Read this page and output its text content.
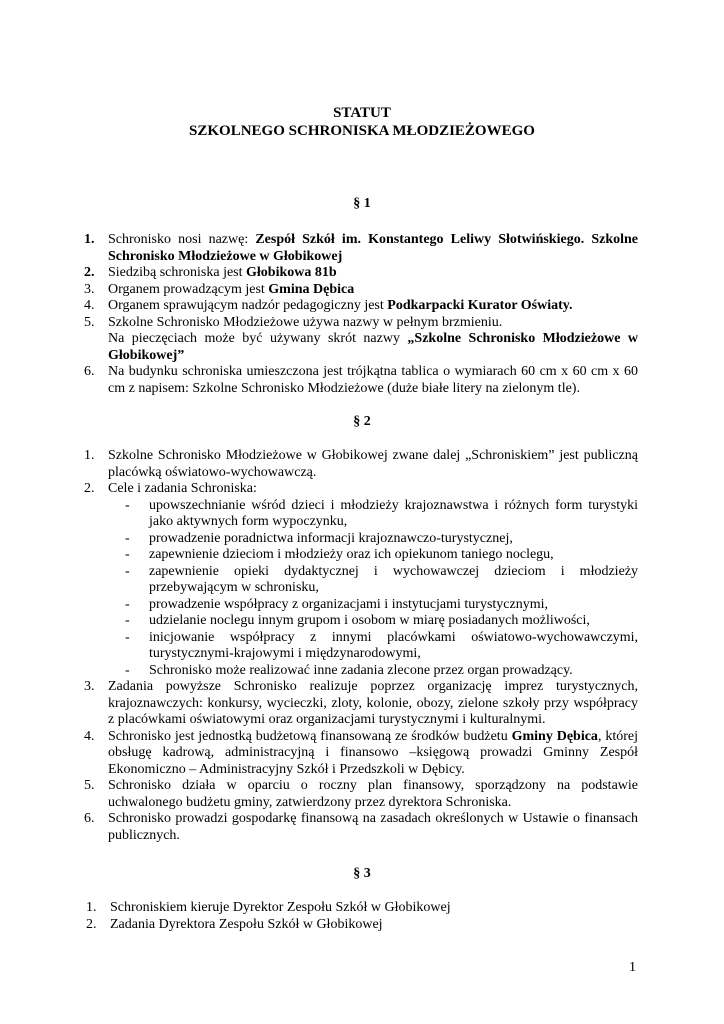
STATUT
SZKOLNEGO SCHRONISKA MŁODZIEŻOWEGO
§ 1
1. Schronisko nosi nazwę: Zespół Szkół im. Konstantego Leliwy Słotwińskiego. Szkolne Schronisko Młodzieżowe w Głobikowej
2. Siedzibą schroniska jest Głobikowa 81b
3. Organem prowadzącym jest Gmina Dębica
4. Organem sprawującym nadzór pedagogiczny jest Podkarpacki Kurator Oświaty.
5. Szkolne Schronisko Młodzieżowe używa nazwy w pełnym brzmieniu.
Na pieczęciach może być używany skrót nazwy „Szkolne Schronisko Młodzieżowe w Głobikowej”
6. Na budynku schroniska umieszczona jest trójkątna tablica o wymiarach 60 cm x 60 cm x 60 cm z napisem: Szkolne Schronisko Młodzieżowe (duże białe litery na zielonym tle).
§ 2
1. Szkolne Schronisko Młodzieżowe w Głobikowej zwane dalej „Schroniskiem” jest publiczną placówką oświatowo-wychowawczą.
2. Cele i zadania Schroniska:
- upowszechnianie wśród dzieci i młodzieży krajoznawstwa i różnych form turystyki jako aktywnych form wypoczynku,
- prowadzenie poradnictwa informacji krajoznawczo-turystycznej,
- zapewnienie dzieciom i młodzieży oraz ich opiekunom taniego noclegu,
- zapewnienie opieki dydaktycznej i wychowawczej dzieciom i młodzieży przebywającym w schronisku,
- prowadzenie współpracy z organizacjami i instytucjami turystycznymi,
- udzielanie noclegu innym grupom i osobom w miarę posiadanych możliwości,
- inicjowanie współpracy z innymi placówkami oświatowo-wychowawczymi, turystycznymi-krajowymi i międzynarodowymi,
- Schronisko może realizować inne zadania zlecone przez organ prowadzący.
3. Zadania powyższe Schronisko realizuje poprzez organizację imprez turystycznych, krajoznawczych: konkursy, wycieczki, zloty, kolonie, obozy, zielone szkoły przy współpracy z placówkami oświatowymi oraz organizacjami turystycznymi i kulturalnymi.
4. Schronisko jest jednostką budżetową finansowaną ze środków budżetu Gminy Dębica, której obsługę kadrową, administracyjną i finansowo –księgową prowadzi Gminny Zespół Ekonomiczno – Administracyjny Szkół i Przedszkoli w Dębicy.
5. Schronisko działa w oparciu o roczny plan finansowy, sporządzony na podstawie uchwalonego budżetu gminy, zatwierdzony przez dyrektora Schroniska.
6. Schronisko prowadzi gospodarkę finansową na zasadach określonych w Ustawie o finansach publicznych.
§ 3
1. Schroniskiem kieruje Dyrektor Zespołu Szkół w Głobikowej
2. Zadania Dyrektora Zespołu Szkół w Głobikowej
1
